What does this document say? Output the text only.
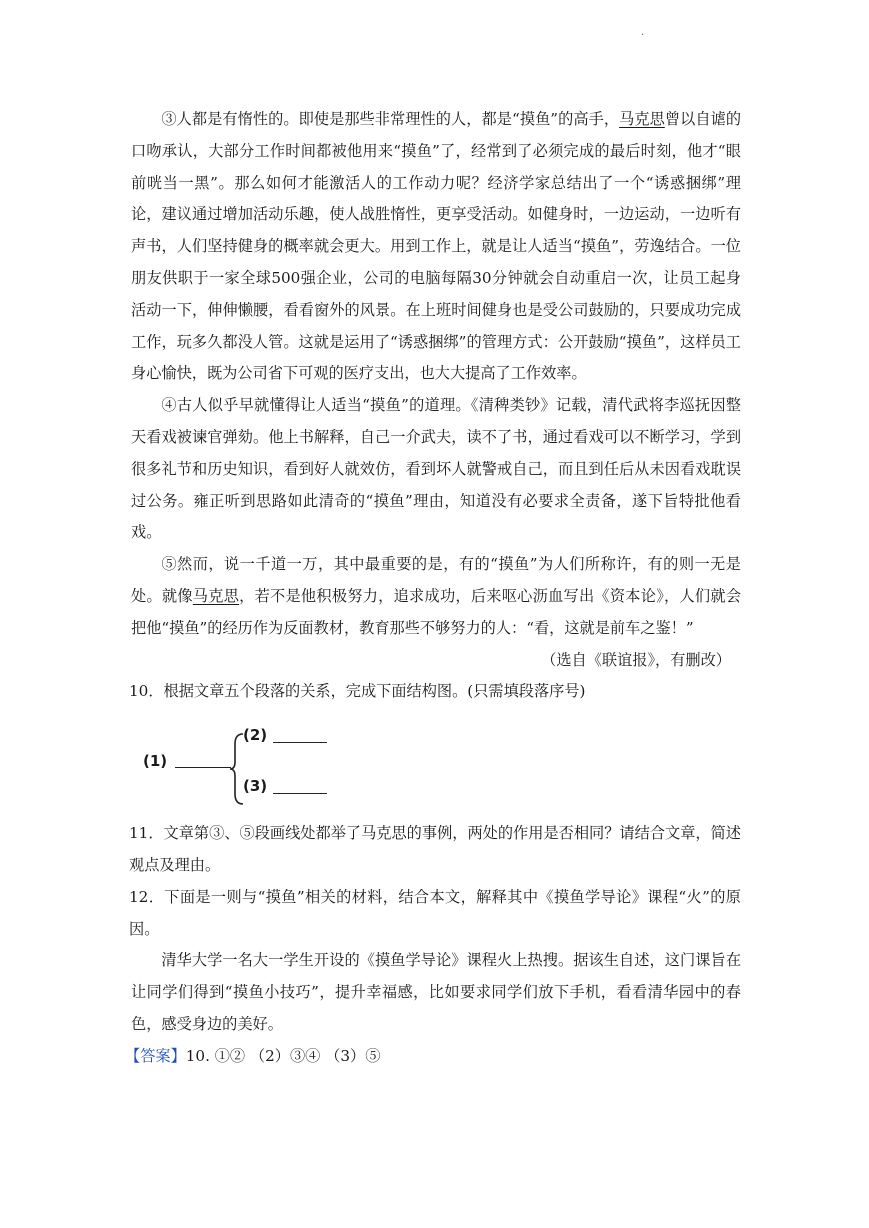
·

③人都是有惰性的。即使是那些非常理性的人，都是“摸鱼”的高手，马克思曾以自谑的口吻承认，大部分工作时间都被他用来“摸鱼”了，经常到了必须完成的最后时刻，他才“眼前咣当一黑”。那么如何才能激活人的工作动力呢？经济学家总结出了一个“诱惑捆绑”理论，建议通过增加活动乐趣，使人战胜惰性，更享受活动。如健身时，一边运动，一边听有声书，人们坚持健身的概率就会更大。用到工作上，就是让人适当“摸鱼”，劳逸结合。一位朋友供职于一家全球500强企业，公司的电脑每隔30分钟就会自动重启一次，让员工起身活动一下，伸伸懒腰，看看窗外的风景。在上班时间健身也是受公司鼓励的，只要成功完成工作，玩多久都没人管。这就是运用了“诱惑捆绑”的管理方式：公开鼓励“摸鱼”，这样员工身心愉快，既为公司省下可观的医疗支出，也大大提高了工作效率。

④古人似乎早就懂得让人适当“摸鱼”的道理。《清稗类钞》记载，清代武将李巡抚因整天看戏被谏官弹劾。他上书解释，自己一介武夫，读不了书，通过看戏可以不断学习，学到很多礼节和历史知识，看到好人就效仿，看到坏人就警戒自己，而且到任后从未因看戏耽误过公务。雍正听到思路如此清奇的“摸鱼”理由，知道没有必要求全责备，遂下旨特批他看戏。

⑤然而，说一千道一万，其中最重要的是，有的“摸鱼”为人们所称许，有的则一无是处。就像马克思，若不是他积极努力，追求成功，后来呕心沥血写出《资本论》，人们就会把他“摸鱼”的经历作为反面教材，教育那些不够努力的人：“看，这就是前车之鉴！”

（选自《联谊报》，有删改）

10．根据文章五个段落的关系，完成下面结构图。(只需填段落序号)

(1)
(2)
(3)

11．文章第③、⑤段画线处都举了马克思的事例，两处的作用是否相同？请结合文章，简述观点及理由。

12．下面是一则与“摸鱼”相关的材料，结合本文，解释其中《摸鱼学导论》课程“火”的原因。

清华大学一名大一学生开设的《摸鱼学导论》课程火上热搜。据该生自述，这门课旨在让同学们得到“摸鱼小技巧”，提升幸福感，比如要求同学们放下手机，看看清华园中的春色，感受身边的美好。

【答案】10. ①② （2）③④ （3）⑤
